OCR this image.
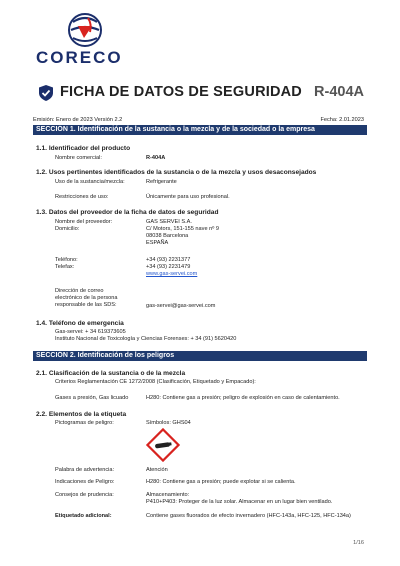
CORECO
FICHA DE DATOS DE SEGURIDAD R-404A
Emisión: Enero de 2023 Versión 2.2	Fecha: 2.01.2023
SECCIÓN 1. Identificación de la sustancia o la mezcla y de la sociedad o la empresa
1.1. Identificador del producto
Nombre comercial:	R-404A
1.2. Usos pertinentes identificados de la sustancia o de la mezcla y usos desaconsejados
Uso de la sustancia/mezcla:	Refrigerante
Restricciones de uso:	Únicamente para uso profesional.
1.3. Datos del proveedor de la ficha de datos de seguridad
Nombre del proveedor:	GAS SERVEI S.A.
Domicilio:	C/ Motors, 151-155 nave nº 9
08038 Barcelona
ESPAÑA
Teléfono:	+34 (93) 2231377
Telefax:	+34 (93) 2231479
www.gas-servei.com
Dirección de correo
electrónico de la persona
responsable de las SDS:	gas-servei@gas-servei.com
1.4. Teléfono de emergencia
Gas-servei: + 34 619373605
Instituto Nacional de Toxicología y Ciencias Forenses: + 34 (91) 5620420
SECCIÓN 2. Identificación de los peligros
2.1. Clasificación de la sustancia o de la mezcla
Criterios Reglamentación CE 1272/2008 (Clasificación, Etiquetado y Empacado):
Gases a presión, Gas licuado	H280: Contiene gas a presión; peligro de explosión en caso de calentamiento.
2.2. Elementos de la etiqueta
Pictogramas de peligro:	Símbolos: GHS04
Palabra de advertencia:	Atención
Indicaciones de Peligro:	H280: Contiene gas a presión; puede explotar si se calienta.
Consejos de prudencia:	Almacenamiento:
P410+P403: Proteger de la luz solar. Almacenar en un lugar bien ventilado.
Etiquetado adicional:	Contiene gases fluorados de efecto invernadero (HFC-143a, HFC-125, HFC-134a)
1/16
